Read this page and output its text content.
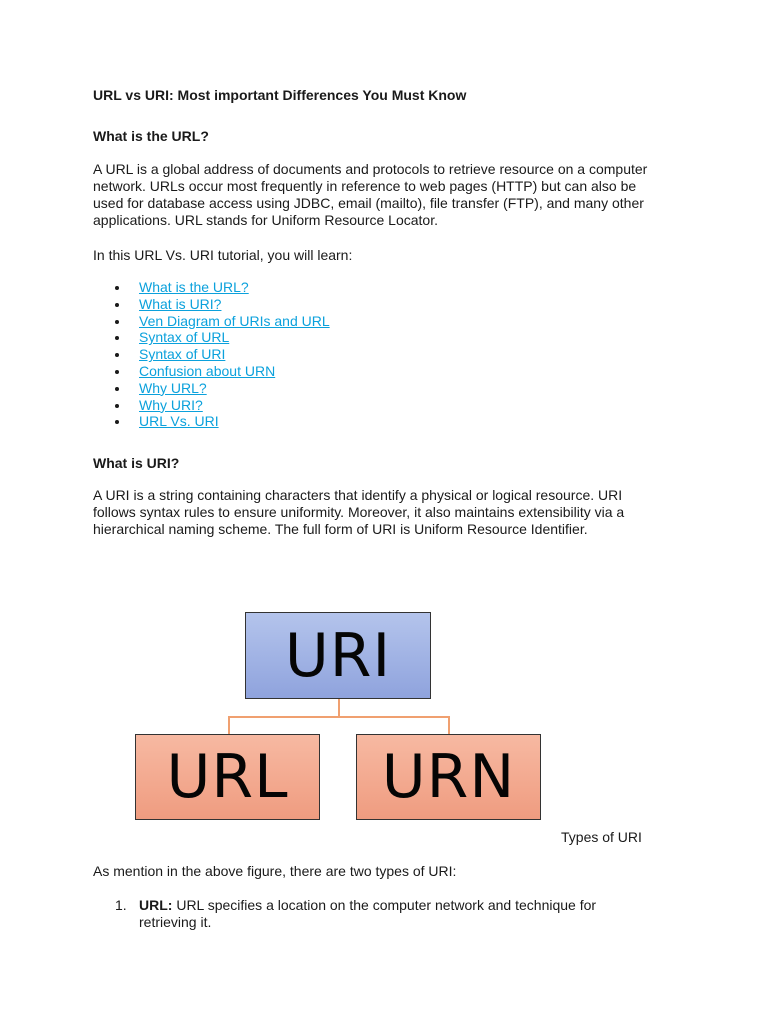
URL vs URI: Most important Differences You Must Know
What is the URL?
A URL is a global address of documents and protocols to retrieve resource on a computer network. URLs occur most frequently in reference to web pages (HTTP) but can also be used for database access using JDBC, email (mailto), file transfer (FTP), and many other applications. URL stands for Uniform Resource Locator.
In this URL Vs. URI tutorial, you will learn:
What is the URL?
What is URI?
Ven Diagram of URIs and URL
Syntax of URL
Syntax of URI
Confusion about URN
Why URL?
Why URI?
URL Vs. URI
What is URI?
A URI is a string containing characters that identify a physical or logical resource. URI follows syntax rules to ensure uniformity. Moreover, it also maintains extensibility via a hierarchical naming scheme. The full form of URI is Uniform Resource Identifier.
As mention in the above figure, there are two types of URI:
1. URL: URL specifies a location on the computer network and technique for retrieving it.
URI
URL	URN
Types of URI
